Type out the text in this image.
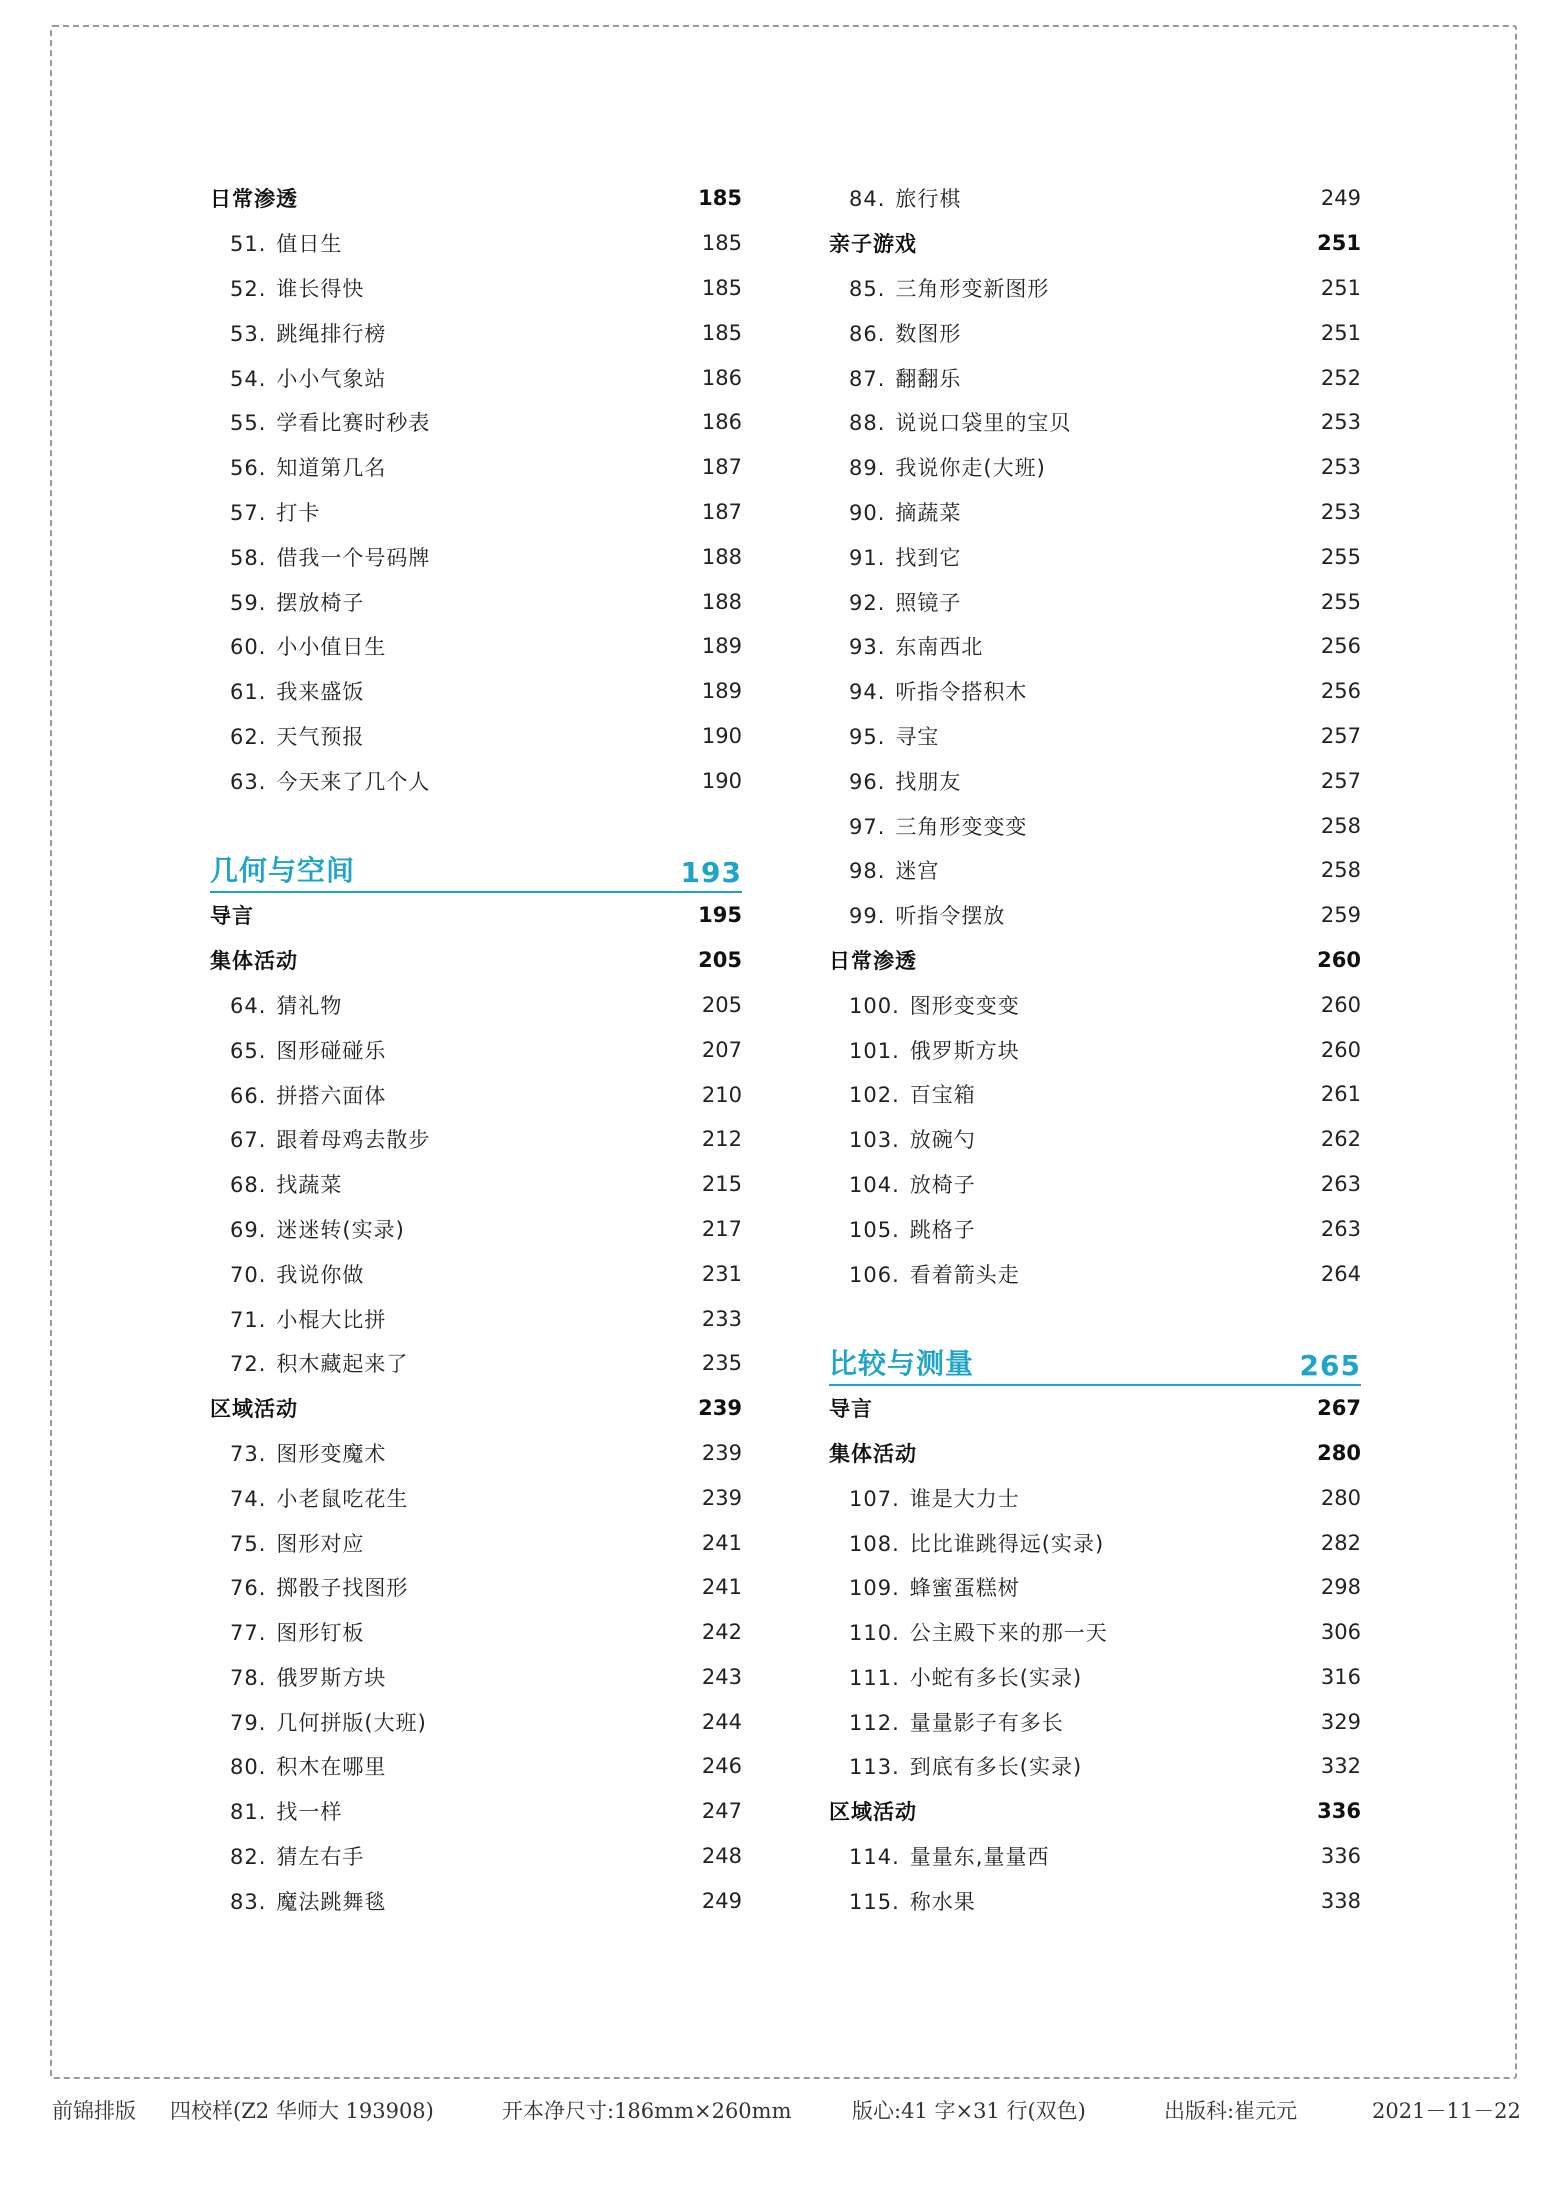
日常渗透	185
51. 值日生	185
52. 谁长得快	185
53. 跳绳排行榜	185
54. 小小气象站	186
55. 学看比赛时秒表	186
56. 知道第几名	187
57. 打卡	187
58. 借我一个号码牌	188
59. 摆放椅子	188
60. 小小值日生	189
61. 我来盛饭	189
62. 天气预报	190
63. 今天来了几个人	190
几何与空间	193
导言	195
集体活动	205
64. 猜礼物	205
65. 图形碰碰乐	207
66. 拼搭六面体	210
67. 跟着母鸡去散步	212
68. 找蔬菜	215
69. 迷迷转(实录)	217
70. 我说你做	231
71. 小棍大比拼	233
72. 积木藏起来了	235
区域活动	239
73. 图形变魔术	239
74. 小老鼠吃花生	239
75. 图形对应	241
76. 掷骰子找图形	241
77. 图形钉板	242
78. 俄罗斯方块	243
79. 几何拼版(大班)	244
80. 积木在哪里	246
81. 找一样	247
82. 猜左右手	248
83. 魔法跳舞毯	249
84. 旅行棋	249
亲子游戏	251
85. 三角形变新图形	251
86. 数图形	251
87. 翻翻乐	252
88. 说说口袋里的宝贝	253
89. 我说你走(大班)	253
90. 摘蔬菜	253
91. 找到它	255
92. 照镜子	255
93. 东南西北	256
94. 听指令搭积木	256
95. 寻宝	257
96. 找朋友	257
97. 三角形变变变	258
98. 迷宫	258
99. 听指令摆放	259
日常渗透	260
100. 图形变变变	260
101. 俄罗斯方块	260
102. 百宝箱	261
103. 放碗勺	262
104. 放椅子	263
105. 跳格子	263
106. 看着箭头走	264
比较与测量	265
导言	267
集体活动	280
107. 谁是大力士	280
108. 比比谁跳得远(实录)	282
109. 蜂蜜蛋糕树	298
110. 公主殿下来的那一天	306
111. 小蛇有多长(实录)	316
112. 量量影子有多长	329
113. 到底有多长(实录)	332
区域活动	336
114. 量量东,量量西	336
115. 称水果	338
前锦排版 四校样(Z2 华师大 193908)	开本净尺寸:186mm×260mm	版心:41 字×31 行(双色)	出版科:崔元元	2021－11－22
